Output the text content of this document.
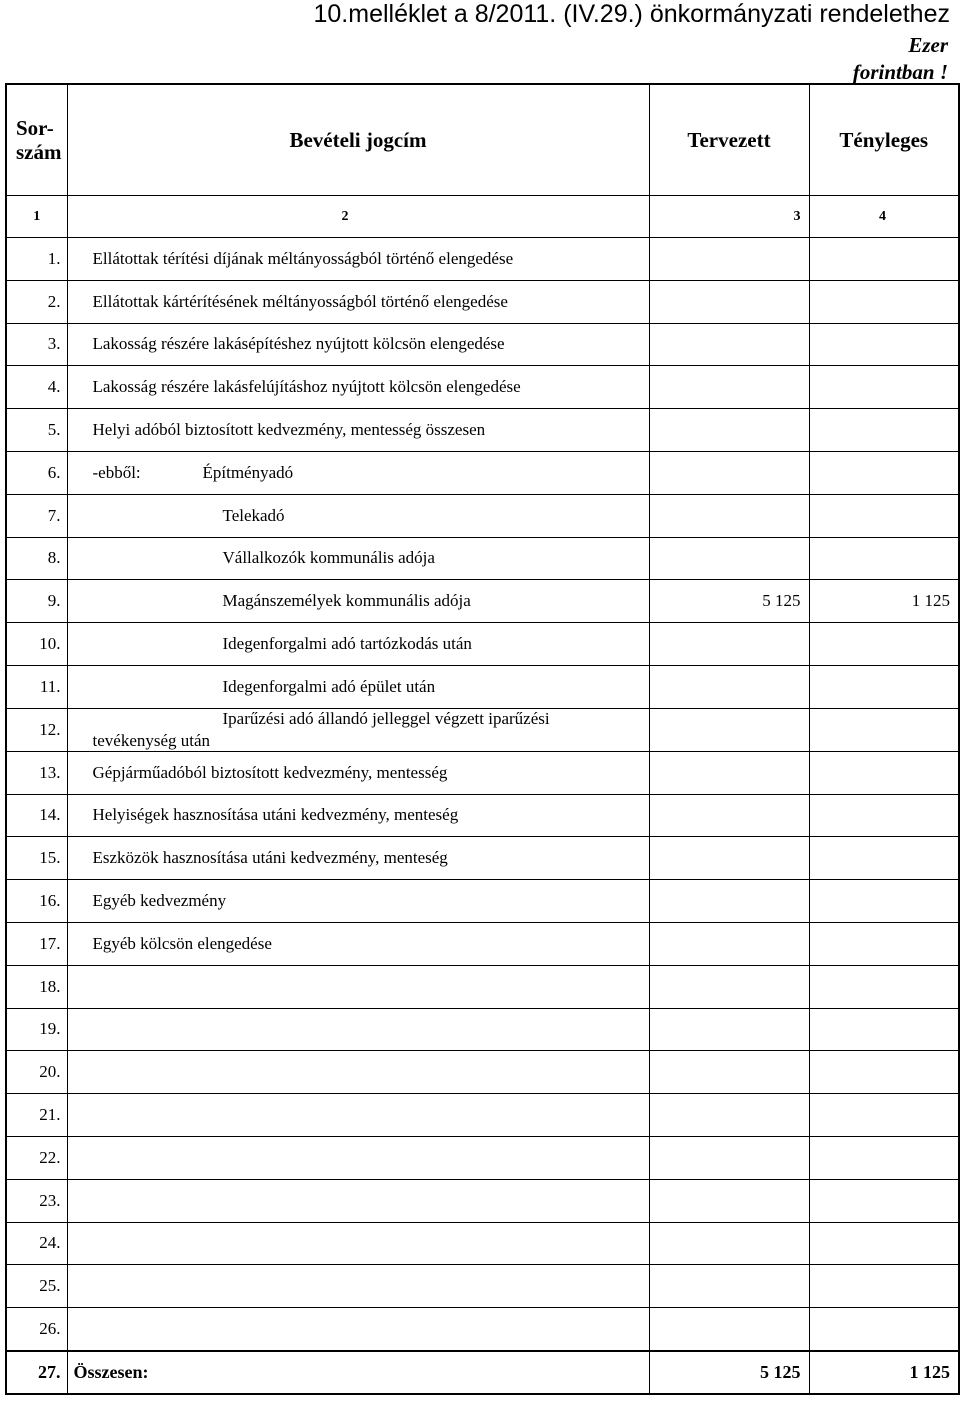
10.melléklet a 8/2011. (IV.29.) önkormányzati rendelethez
Ezer
forintban !
Sor-szám	Bevételi jogcím	Tervezett	Tényleges
1	2	3	4
1.	Ellátottak térítési díjának méltányosságból történő elengedése		
2.	Ellátottak kártérítésének méltányosságból történő elengedése		
3.	Lakosság részére lakásépítéshez nyújtott kölcsön elengedése		
4.	Lakosság részére lakásfelújításhoz nyújtott kölcsön elengedése		
5.	Helyi adóból biztosított kedvezmény, mentesség összesen		
6.	-ebből: Építményadó		
7.	Telekadó		
8.	Vállalkozók kommunális adója		
9.	Magánszemélyek kommunális adója	5 125	1 125
10.	Idegenforgalmi adó tartózkodás után		
11.	Idegenforgalmi adó épület után		
12.	Iparűzési adó állandó jelleggel végzett iparűzési
tevékenység után		

13.	Gépjárműadóból biztosított kedvezmény, mentesség		
14.	Helyiségek hasznosítása utáni kedvezmény, menteség		
15.	Eszközök hasznosítása utáni kedvezmény, menteség		
16.	Egyéb kedvezmény		
17.	Egyéb kölcsön elengedése		
18.			
19.			
20.			
21.			
22.			
23.			
24.			
25.			
26.			
27.	Összesen:	5 125	1 125
